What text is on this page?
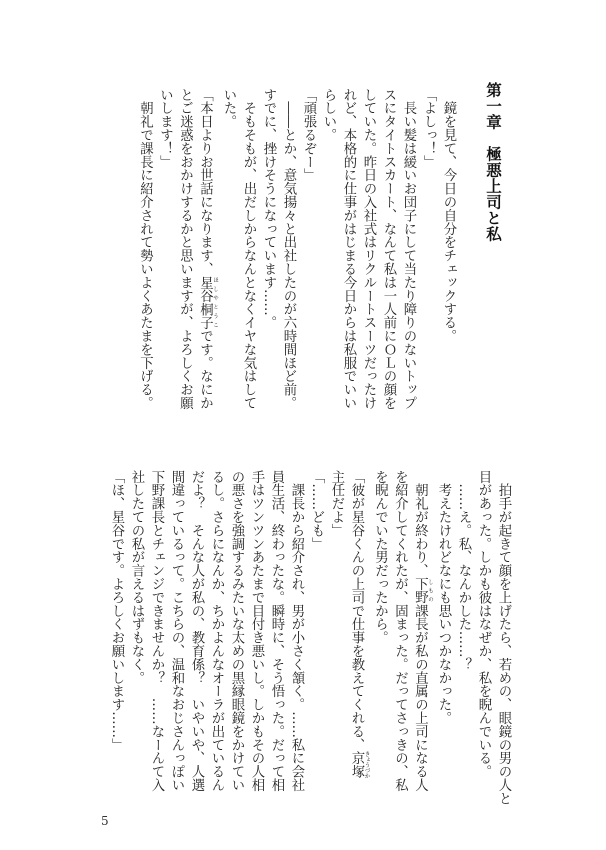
第一章　極悪上司と私
　鏡を見て、今日の自分をチェックする。
「よしっ！」
　長い髪は緩いお団子にして当たり障りのないトップ
スにタイトスカート、なんて私は一人前にＯＬの顔を
していた。昨日の入社式はリクルートスーツだったけ
れど、本格的に仕事がはじまる今日からは私服でいい
らしい。
「頑張るぞー」
　――とか、意気揚々と出社したのが六時間ほど前。
すでに、挫けそうになっています……。
　そもそもが、出だしからなんとなくイヤな気はして
いた。
「本日よりお世話になります、星谷桐子 ほしやとうこです。なにか
とご迷惑をおかけするかと思いますが、よろしくお願
いします！」
　朝礼で課長に紹介されて勢いよくあたまを下げる。
　拍手が起きて顔を上げたら、若めの、眼鏡の男の人と
目があった。しかも彼はなぜか、私を睨んでいる。
　……え。私、なんかした……？
　考えたけれどなにも思いつかなかった。
　朝礼が終わり、下野 しもの課長が私の直属の上司になる人
を紹介してくれたが、固まった。だってさっきの、私
を睨んでいた男だったから。
「彼が星谷くんの上司で仕事を教えてくれる、京塚 きょうづか
主任だよ」
「……ども」
　課長から紹介され、男が小さく頷く。……私に会社
員生活、終わったな。瞬時に、そう悟った。だって相
手はツンツンあたまで目付き悪いし。しかもその人相
の悪さを強調するみたいな太めの黒縁眼鏡をかけてい
るし。さらになんか、ちかよんなオーラが出ているん
だよ？　そんな人が私の、教育係？　いやいや、人選
間違っているって。こちらの、温和なおじさんっぽい
下野課長とチェンジできませんか？　……なーんて入
社したての私が言えるはずもなく。
「ほ、星谷です。よろしくお願いします……」
5
